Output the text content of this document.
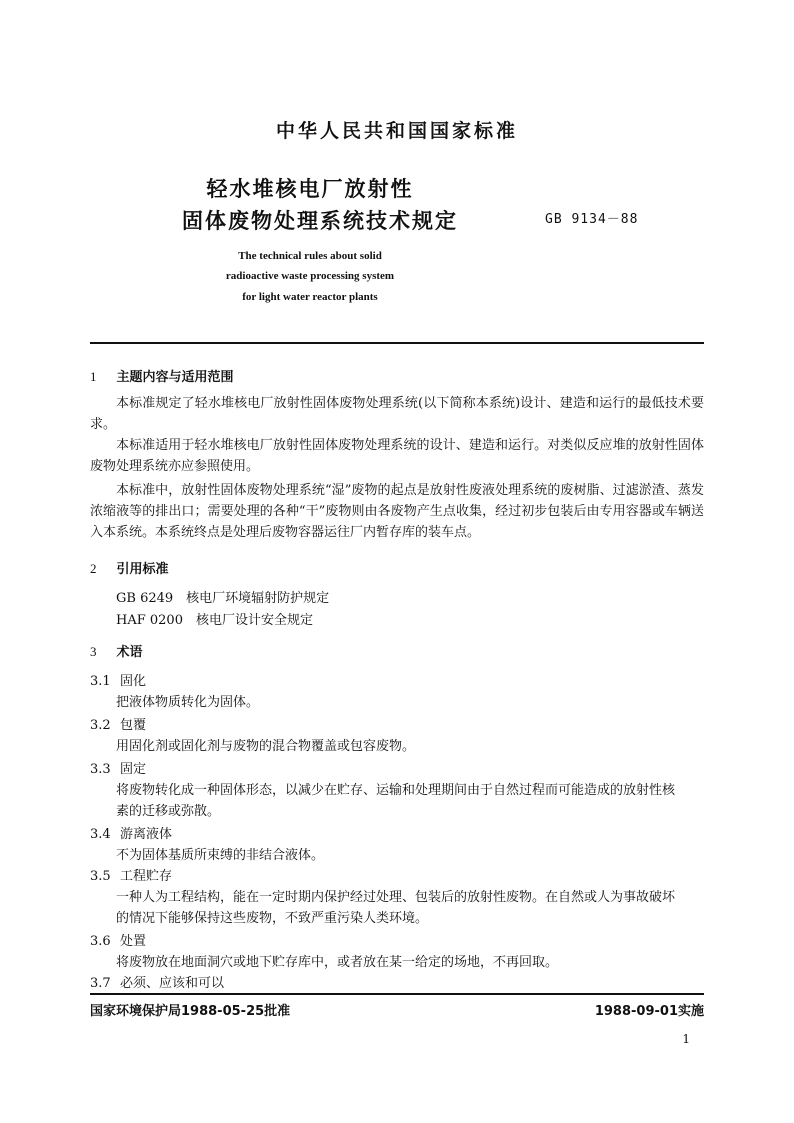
中华人民共和国国家标准
轻水堆核电厂放射性
固体废物处理系统技术规定	GB 9134－88
The technical rules about solid
radioactive waste processing system
for light water reactor plants
1 主题内容与适用范围
本标准规定了轻水堆核电厂放射性固体废物处理系统(以下简称本系统)设计、建造和运行的最低技术要求。
本标准适用于轻水堆核电厂放射性固体废物处理系统的设计、建造和运行。对类似反应堆的放射性固体废物处理系统亦应参照使用。
本标准中，放射性固体废物处理系统“湿”废物的起点是放射性废液处理系统的废树脂、过滤淤渣、蒸发浓缩液等的排出口；需要处理的各种“干”废物则由各废物产生点收集，经过初步包装后由专用容器或车辆送入本系统。本系统终点是处理后废物容器运往厂内暂存库的装车点。
2 引用标准
GB 6249　核电厂环境辐射防护规定
HAF 0200　核电厂设计安全规定
3 术语
3.1 固化
把液体物质转化为固体。
3.2 包覆
用固化剂或固化剂与废物的混合物覆盖或包容废物。
3.3 固定
将废物转化成一种固体形态，以减少在贮存、运输和处理期间由于自然过程而可能造成的放射性核
素的迁移或弥散。
3.4 游离液体
不为固体基质所束缚的非结合液体。
3.5 工程贮存
一种人为工程结构，能在一定时期内保护经过处理、包装后的放射性废物。在自然或人为事故破坏
的情况下能够保持这些废物，不致严重污染人类环境。
3.6 处置
将废物放在地面洞穴或地下贮存库中，或者放在某一给定的场地，不再回取。
3.7 必须、应该和可以
国家环境保护局1988-05-25批准	1988-09-01实施
1
